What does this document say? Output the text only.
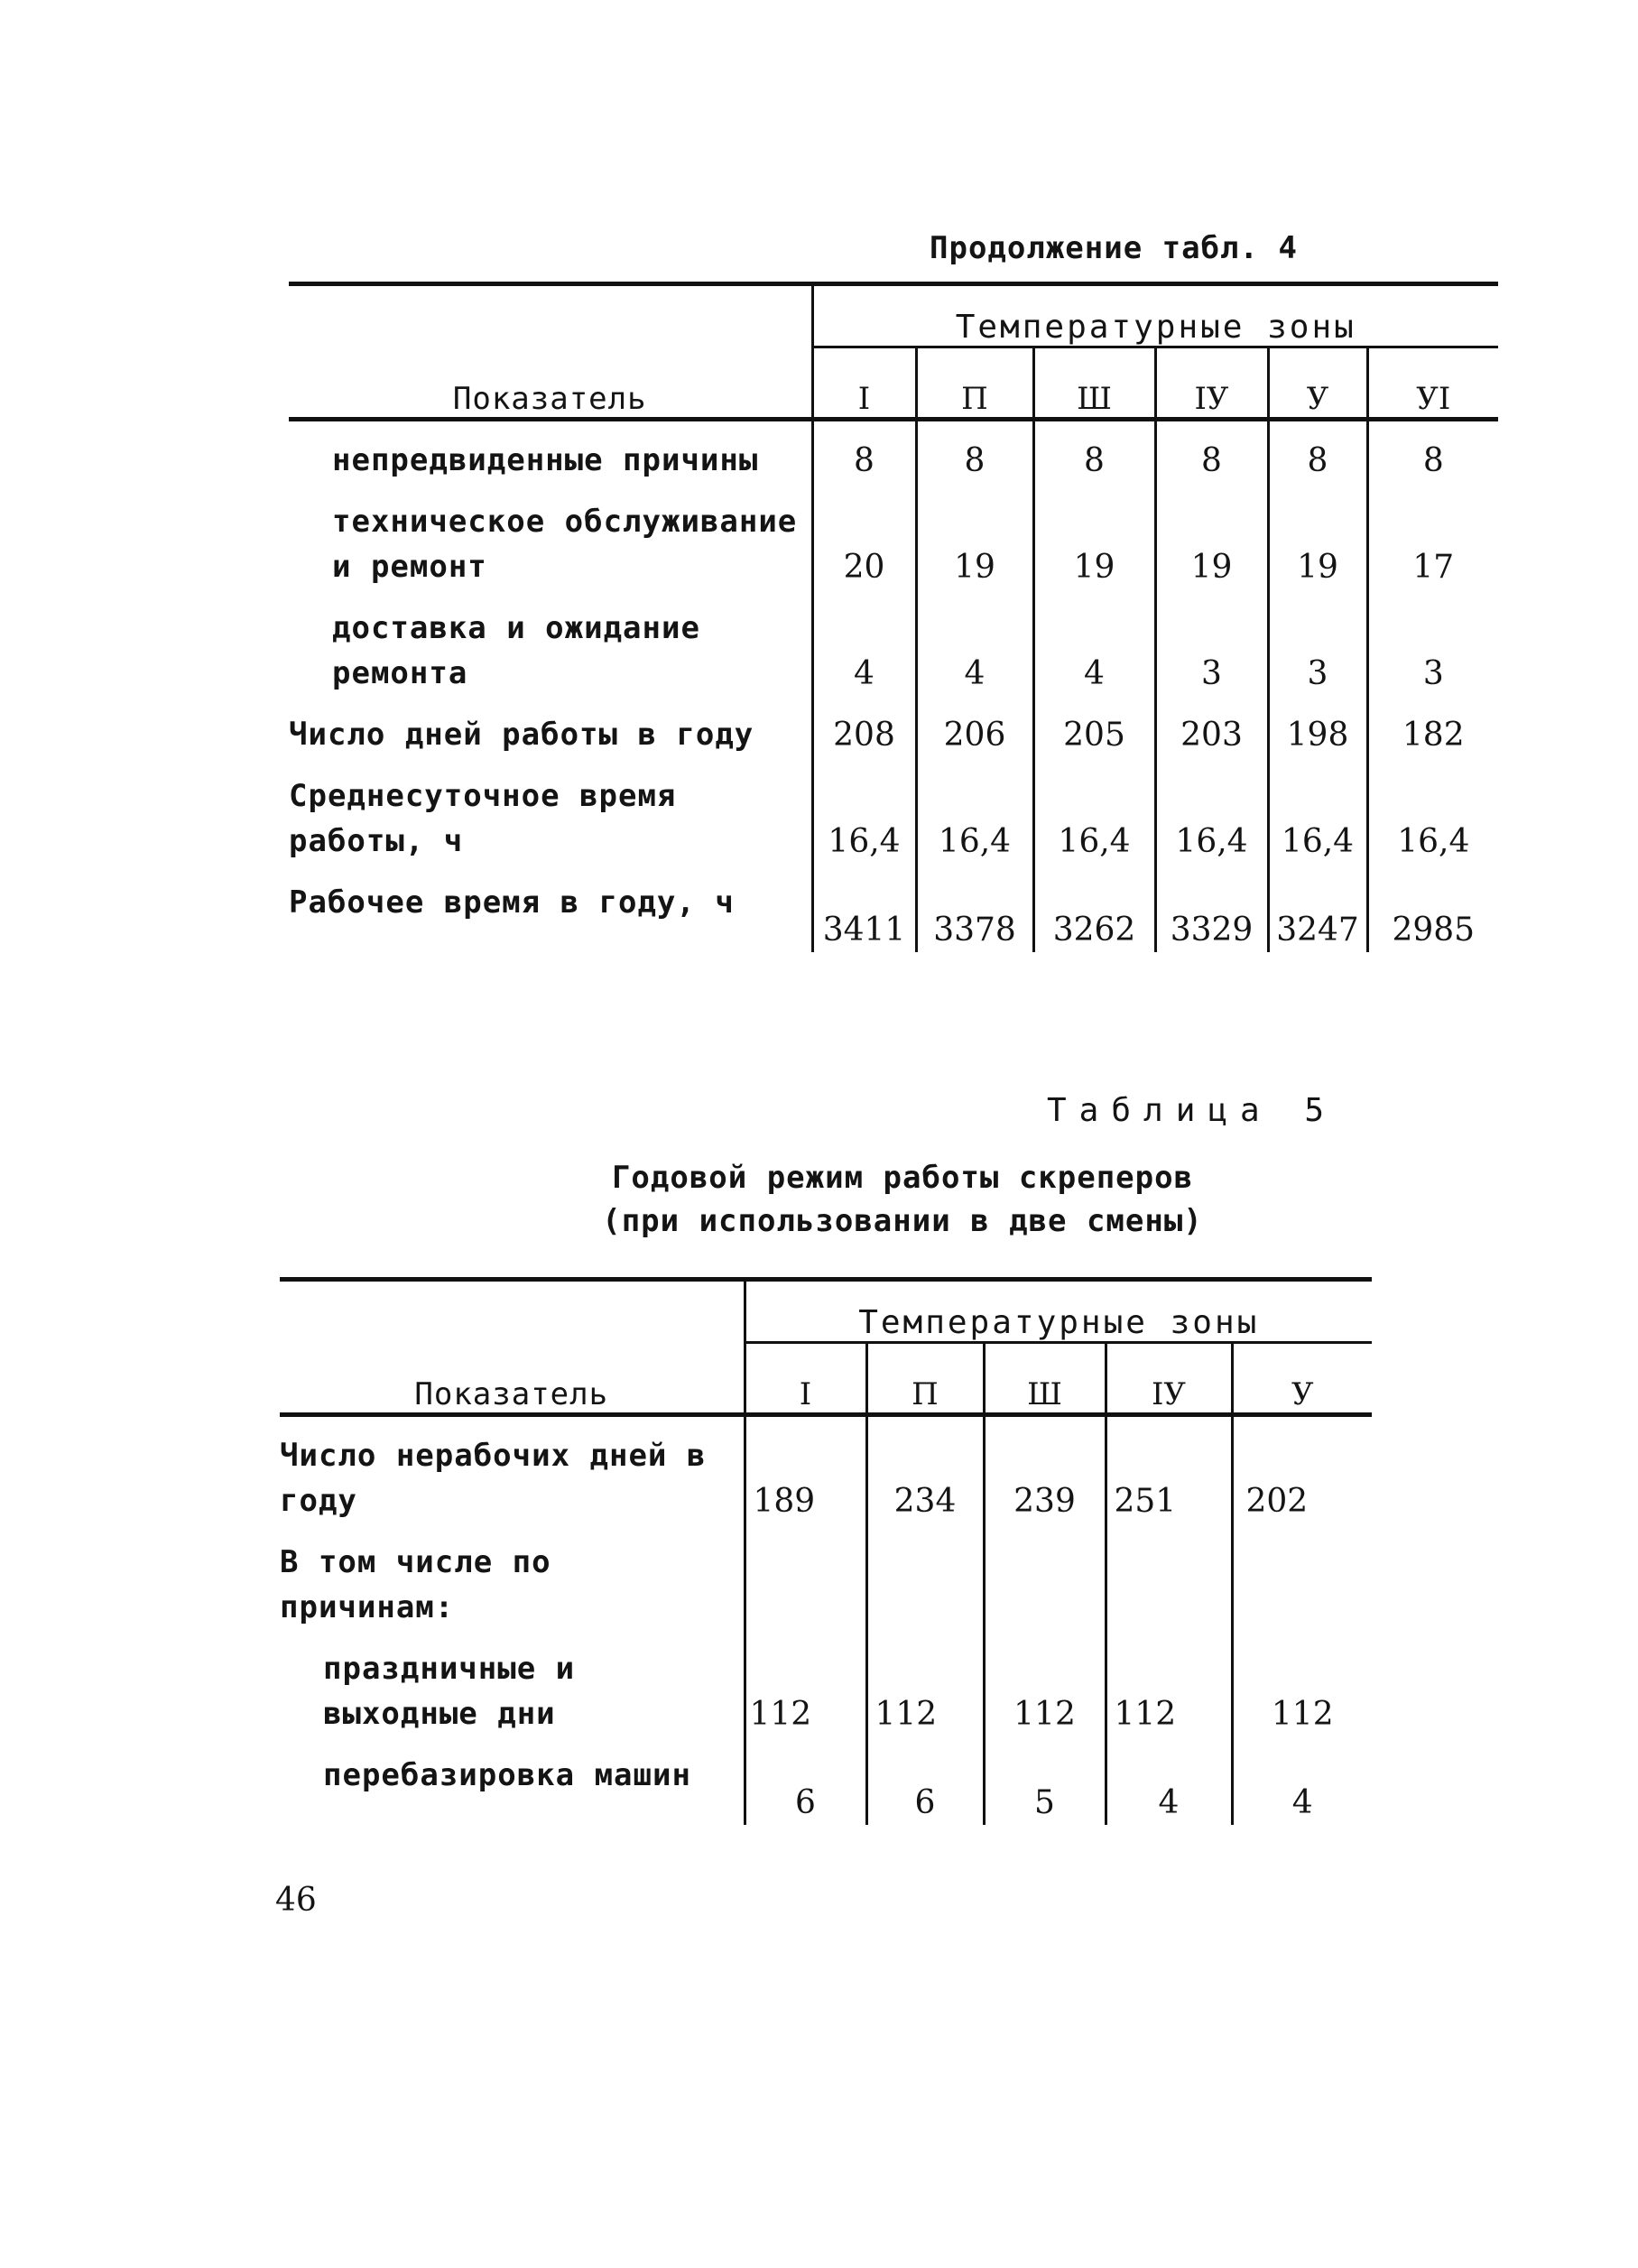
Продолжение табл. 4
Показатель	Температурные зоны					
	I	П	Ш	IУ	У	УI
непредвиденные причины	8	8	8	8	8	8
техническое обслуживание и ремонт	20	19	19	19	19	17
доставка и ожидание ремонта	4	4	4	3	3	3
Число дней работы в году	208	206	205	203	198	182
Среднесуточное время работы, ч	16,4	16,4	16,4	16,4	16,4	16,4
Рабочее время в году, ч	3411	3378	3262	3329	3247	2985
Таблица 5
Годовой режим работы скреперов
(при использовании в две смены)
Показатель	Температурные зоны				
	I	П	Ш	IУ	У
Число нерабочих дней в году	189	234	239	251	202
В том числе по причинам:					
праздничные и выходные дни	112	112	112	112	112
перебазировка машин	6	6	5	4	4
46
